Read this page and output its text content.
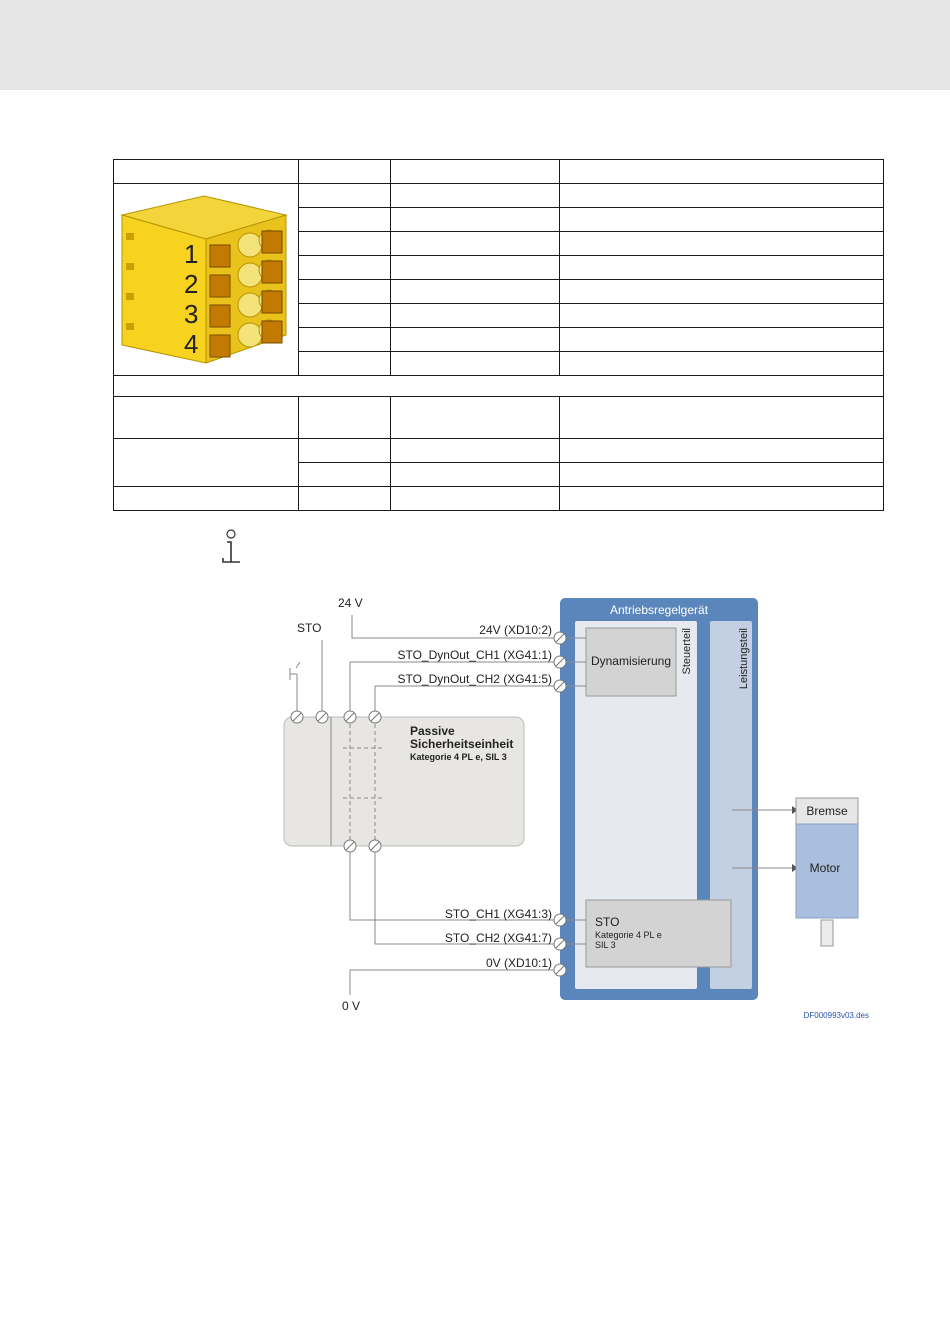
1
2
3
4			

Antriebsregelgerät
Steuerteil	Leistungsteil
Dynamisierung
STO
Kategorie 4 PL e
SIL 3
Passive
Sicherheitseinheit
Kategorie 4 PL e, SIL 3
24 V
0 V
STO	24V (XD10:2)
STO_DynOut_CH1 (XG41:1)
STO_DynOut_CH2 (XG41:5)
STO_CH1 (XG41:3)
STO_CH2 (XG41:7)
0V (XD10:1)
Bremse
Motor
DF000993v03.des
